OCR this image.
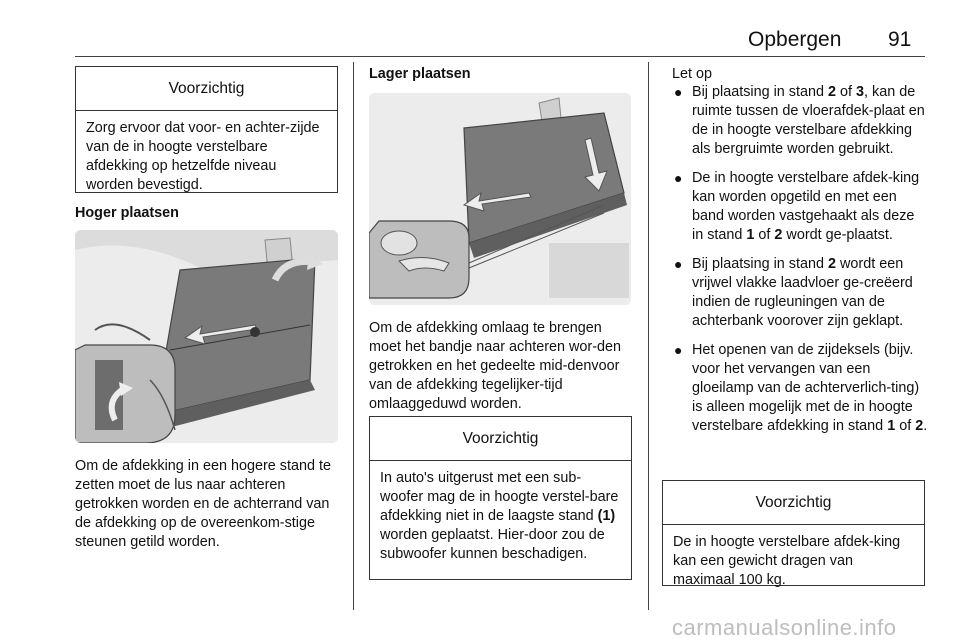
Opbergen 91
Voorzichtig
Zorg ervoor dat voor- en achter-zijde van de in hoogte verstelbare afdekking op hetzelfde niveau worden bevestigd.
Hoger plaatsen
Om de afdekking in een hogere stand te zetten moet de lus naar achteren getrokken worden en de achterrand van de afdekking op de overeenkom-stige steunen getild worden.
Lager plaatsen
Om de afdekking omlaag te brengen moet het bandje naar achteren wor-den getrokken en het gedeelte mid-denvoor van de afdekking tegelijker-tijd omlaaggeduwd worden.
Voorzichtig
In auto's uitgerust met een sub-woofer mag de in hoogte verstel-bare afdekking niet in de laagste stand (1) worden geplaatst. Hier-door zou de subwoofer kunnen beschadigen.
Let op
● Bij plaatsing in stand 2 of 3, kan de ruimte tussen de vloerafdek-plaat en de in hoogte verstelbare afdekking als bergruimte worden gebruikt.
● De in hoogte verstelbare afdek-king kan worden opgetild en met een band worden vastgehaakt als deze in stand 1 of 2 wordt ge-plaatst.
● Bij plaatsing in stand 2 wordt een vrijwel vlakke laadvloer ge-creëerd indien de rugleuningen van de achterbank voorover zijn geklapt.
● Het openen van de zijdeksels (bijv. voor het vervangen van een gloeilamp van de achterverlich-ting) is alleen mogelijk met de in hoogte verstelbare afdekking in stand 1 of 2.
Voorzichtig
De in hoogte verstelbare afdek-king kan een gewicht dragen van maximaal 100 kg.
carmanualsonline.info
